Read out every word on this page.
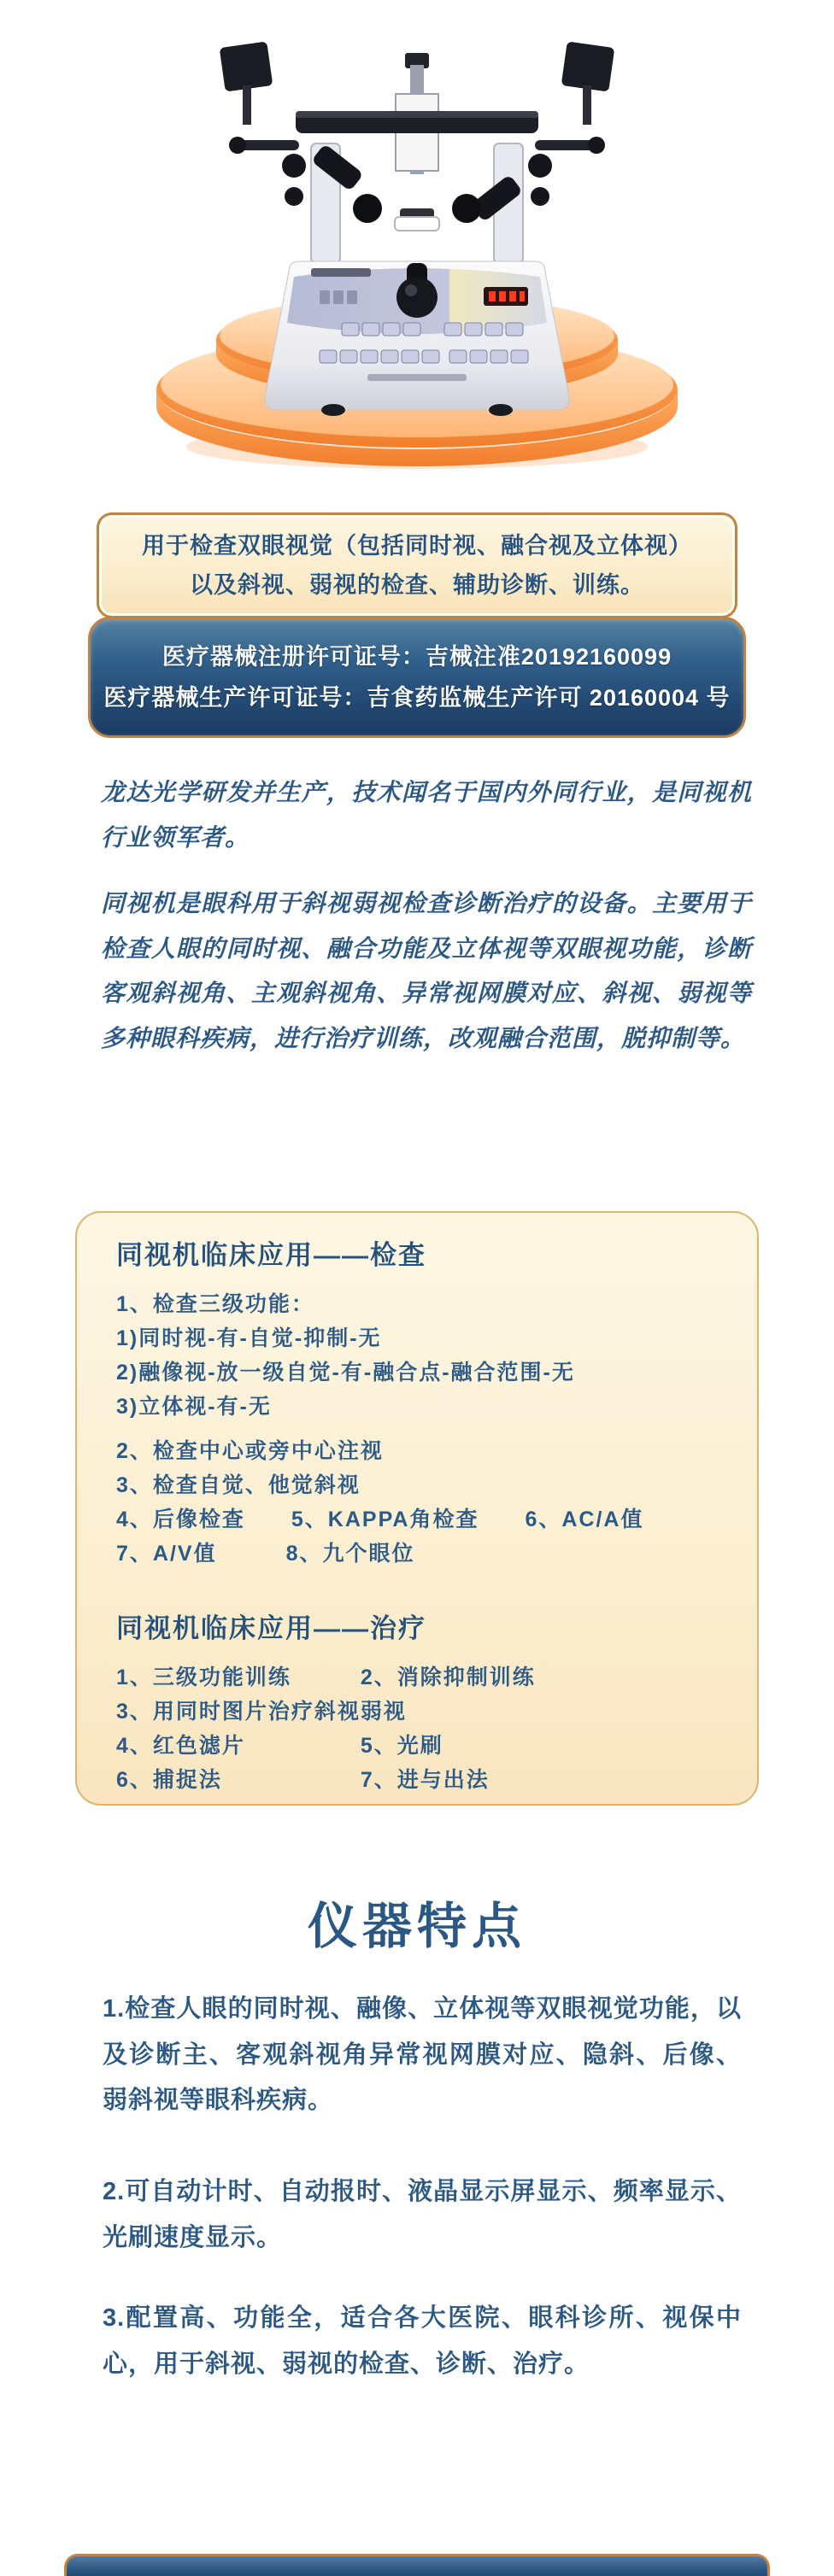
用于检查双眼视觉（包括同时视、融合视及立体视）
以及斜视、弱视的检查、辅助诊断、训练。
医疗器械注册许可证号：吉械注准20192160099
医疗器械生产许可证号：吉食药监械生产许可 20160004 号
龙达光学研发并生产，技术闻名于国内外同行业，是同视机行业领军者。
同视机是眼科用于斜视弱视检查诊断治疗的设备。主要用于检查人眼的同时视、融合功能及立体视等双眼视功能，诊断客观斜视角、主观斜视角、异常视网膜对应、斜视、弱视等多种眼科疾病，进行治疗训练，改观融合范围，脱抑制等。
同视机临床应用——检查
1、检查三级功能：
1)同时视-有-自觉-抑制-无
2)融像视-放一级自觉-有-融合点-融合范围-无
3)立体视-有-无
2、检查中心或旁中心注视
3、检查自觉、他觉斜视
4、后像检查　　5、KAPPA角检查　　6、AC/A值
7、A/V值　　　8、九个眼位
同视机临床应用——治疗
1、三级功能训练　　　2、消除抑制训练
3、用同时图片治疗斜视弱视
4、红色滤片　　　　　5、光刷
6、捕捉法　　　　　　7、进与出法
仪器特点
1.检查人眼的同时视、融像、立体视等双眼视觉功能，以及诊断主、客观斜视角异常视网膜对应、隐斜、后像、弱斜视等眼科疾病。
2.可自动计时、自动报时、液晶显示屏显示、频率显示、光刷速度显示。
3.配置高、功能全，适合各大医院、眼科诊所、视保中心，用于斜视、弱视的检查、诊断、治疗。
